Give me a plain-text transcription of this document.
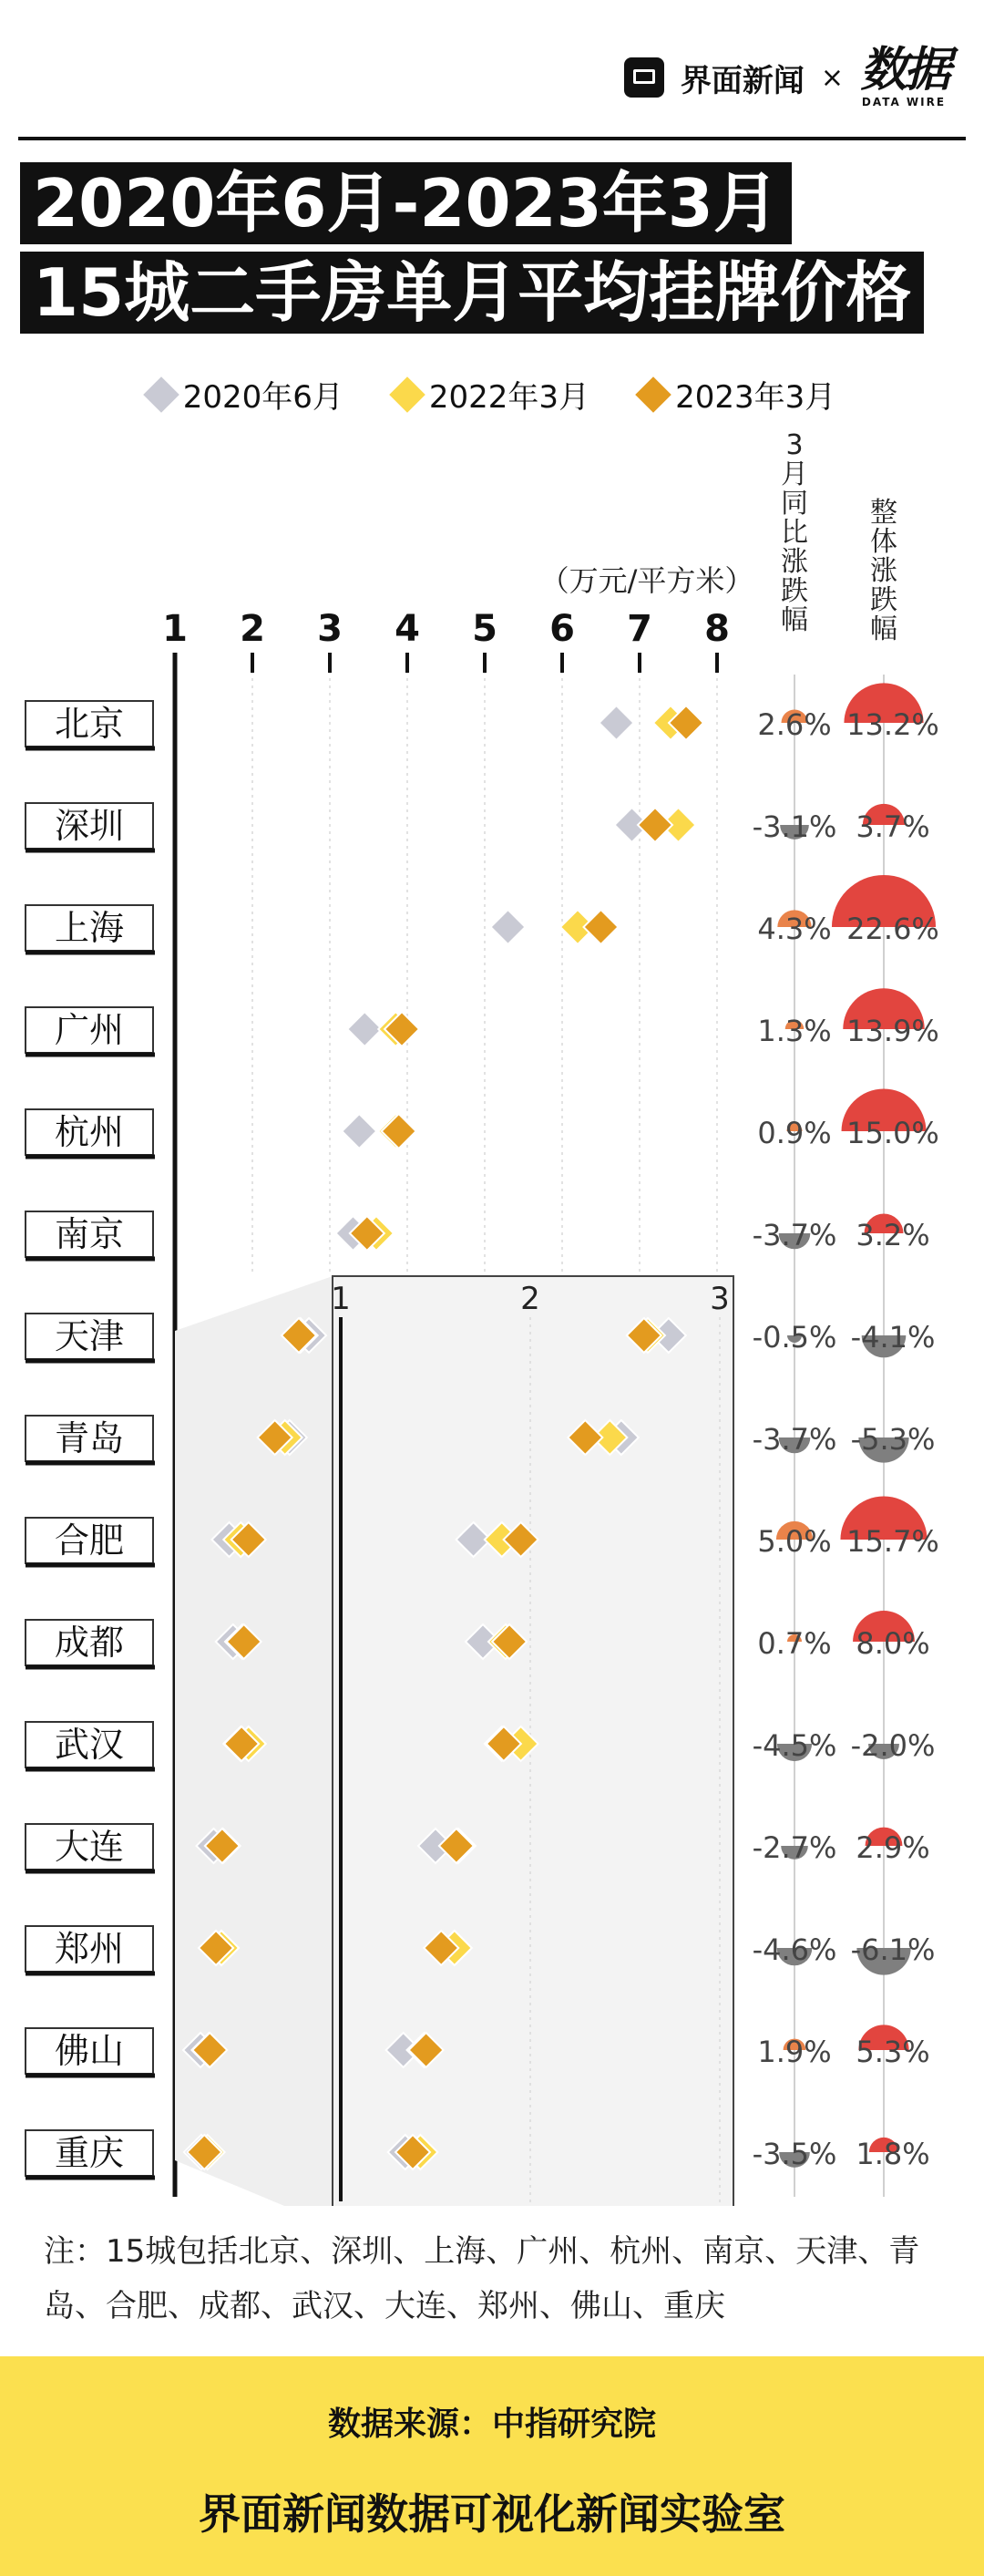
界面新闻 × 数据
DATA WIRE
2020年6月-2023年3月
15城二手房单月平均挂牌价格
2020年6月	2022年3月	2023年3月
（万元/平方米）
3
月
同
比
涨
跌
幅
整
体
涨
跌
幅
1 2 3 4 5 6 7 8
1	2	3
北京	2.6% 13.2%
深圳	-3.1% 3.7%
上海	4.3% 22.6%
广州	1.3% 13.9%
杭州	0.9% 15.0%
南京	-3.7% 3.2%
天津	-0.5% -4.1%
青岛	-3.7% -5.3%
合肥	5.0% 15.7%
成都	0.7% 8.0%
武汉	-4.5% -2.0%
大连	-2.7% 2.9%
郑州	-4.6% -6.1%
佛山	1.9% 5.3%
重庆	-3.5% 1.8%
注：15城包括北京、深圳、上海、广州、杭州、南京、天津、青岛、合肥、成都、武汉、大连、郑州、佛山、重庆
数据来源：中指研究院
界面新闻数据可视化新闻实验室
